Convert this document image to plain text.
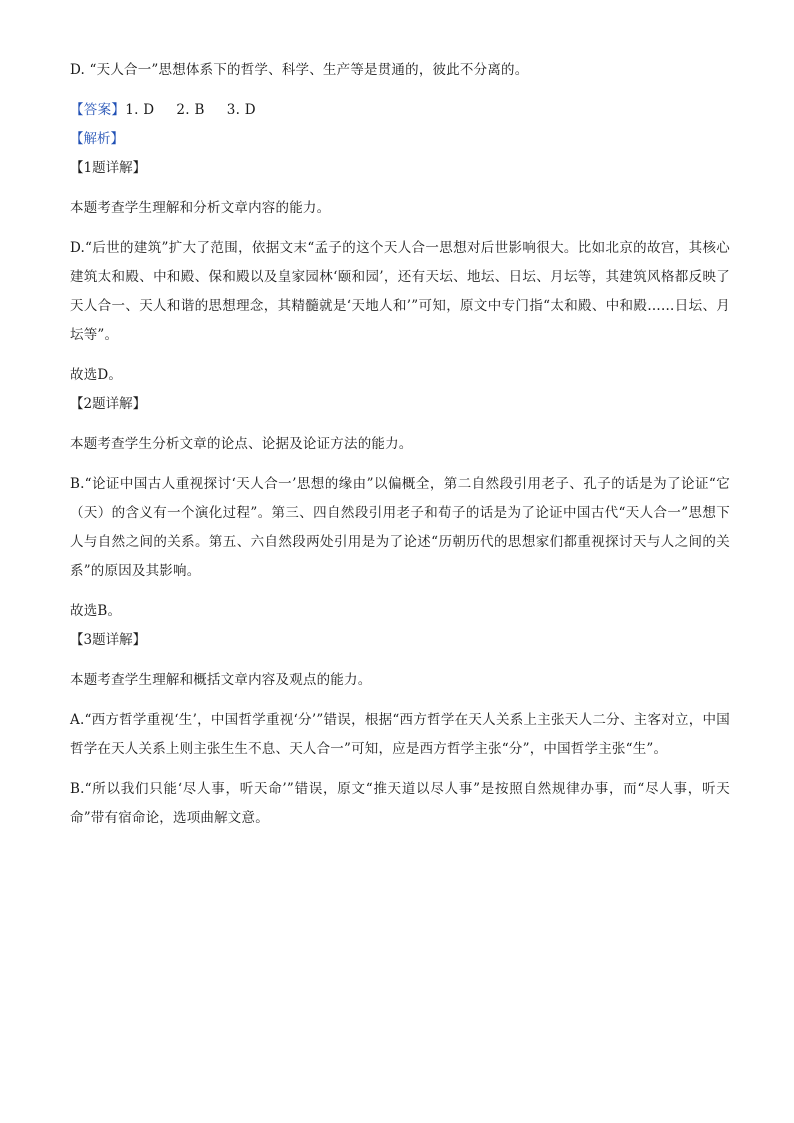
D. “天人合一”思想体系下的哲学、科学、生产等是贯通的，彼此不分离的。

【答案】1. D 2. B 3. D

【解析】

【1题详解】

本题考查学生理解和分析文章内容的能力。

D.“后世的建筑”扩大了范围，依据文末“孟子的这个天人合一思想对后世影响很大。比如北京的故宫，其核心建筑太和殿、中和殿、保和殿以及皇家园林‘颐和园’，还有天坛、地坛、日坛、月坛等，其建筑风格都反映了天人合一、天人和谐的思想理念，其精髓就是‘天地人和’”可知，原文中专门指“太和殿、中和殿……日坛、月坛等”。

故选D。

【2题详解】

本题考查学生分析文章的论点、论据及论证方法的能力。

B.“论证中国古人重视探讨‘天人合一’思想的缘由”以偏概全，第二自然段引用老子、孔子的话是为了论证“它（天）的含义有一个演化过程”。第三、四自然段引用老子和荀子的话是为了论证中国古代“天人合一”思想下人与自然之间的关系。第五、六自然段两处引用是为了论述“历朝历代的思想家们都重视探讨天与人之间的关系”的原因及其影响。

故选B。

【3题详解】

本题考查学生理解和概括文章内容及观点的能力。

A.“西方哲学重视‘生’，中国哲学重视‘分’”错误，根据“西方哲学在天人关系上主张天人二分、主客对立，中国哲学在天人关系上则主张生生不息、天人合一”可知，应是西方哲学主张“分”，中国哲学主张“生”。

B.“所以我们只能‘尽人事，听天命’”错误，原文“推天道以尽人事”是按照自然规律办事，而“尽人事，听天命”带有宿命论，选项曲解文意。
